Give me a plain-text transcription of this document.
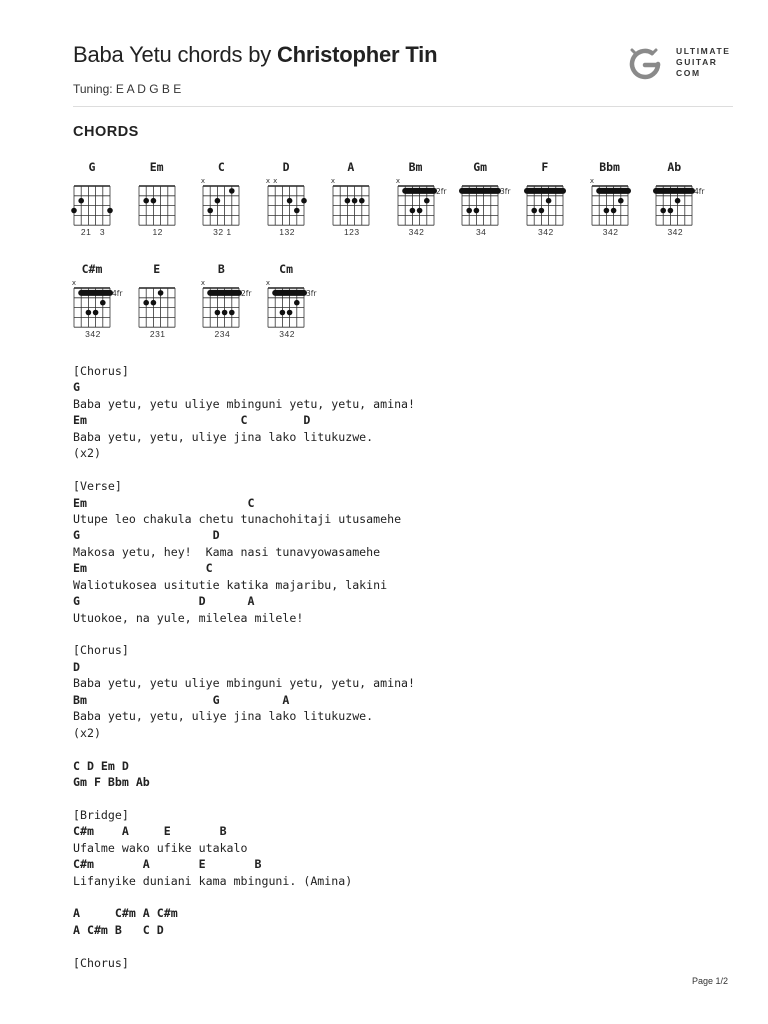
Baba Yetu chords by Christopher Tin
Tuning: E A D G B E
ULTIMATE
GUITAR
COM
CHORDS
G
21   3
Em
12
C
x
32 1
D
x x
132
A
x
123
Bm
x
2fr
342
Gm
3fr
34
F
342
Bbm
x
342
Ab
4fr
342
C#m
x
4fr
342
E
231
B
x
2fr
234
Cm
x
3fr
342
[Chorus]
G
Baba yetu, yetu uliye mbinguni yetu, yetu, amina!
Em                      C        D
Baba yetu, yetu, uliye jina lako litukuzwe.
(x2)
[Verse]
Em                       C
Utupe leo chakula chetu tunachohitaji utusamehe
G                   D
Makosa yetu, hey!  Kama nasi tunavyowasamehe
Em                 C
Waliotukosea usitutie katika majaribu, lakini
G                 D      A
Utuokoe, na yule, milelea milele!
[Chorus]
D
Baba yetu, yetu uliye mbinguni yetu, yetu, amina!
Bm                  G         A
Baba yetu, yetu, uliye jina lako litukuzwe.
(x2)
C D Em D
Gm F Bbm Ab
[Bridge]
C#m    A     E       B
Ufalme wako ufike utakalo
C#m       A       E       B
Lifanyike duniani kama mbinguni. (Amina)
A     C#m A C#m
A C#m B   C D
[Chorus]
Page 1/2
